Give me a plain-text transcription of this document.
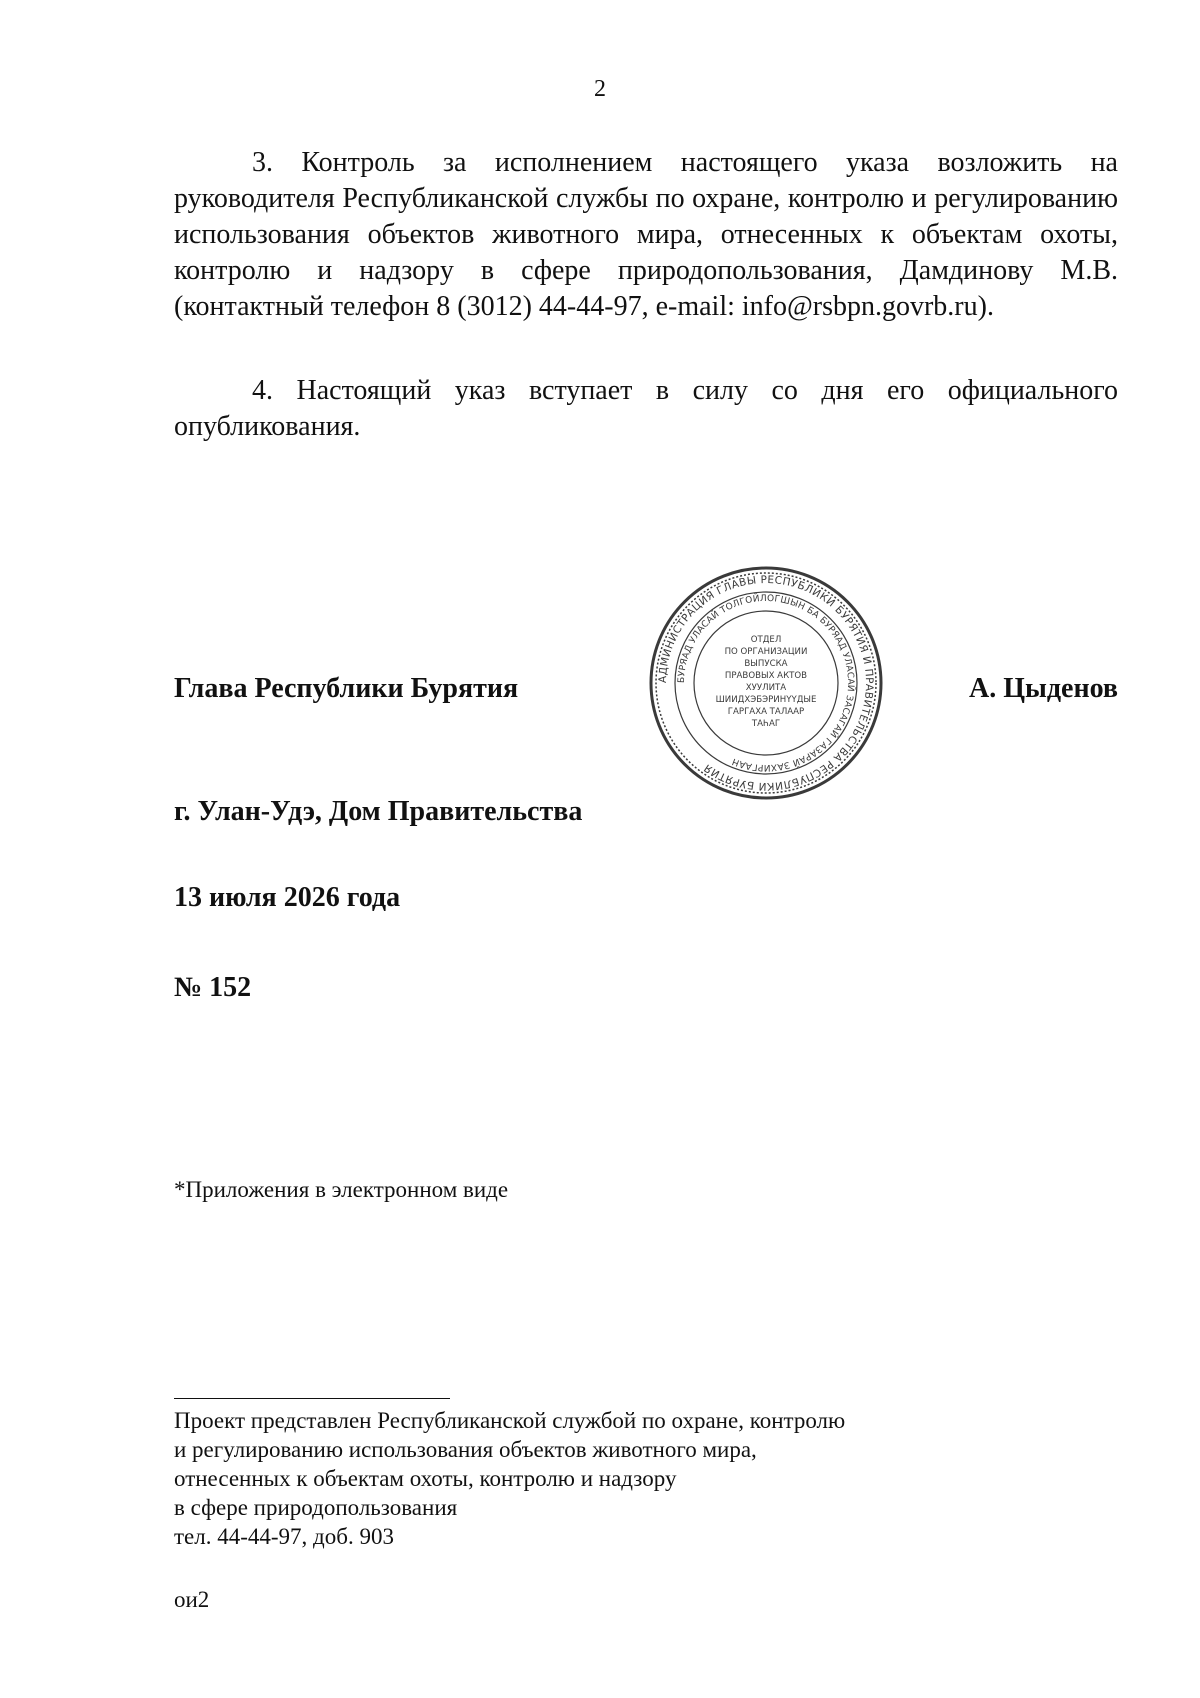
2

3. Контроль за исполнением настоящего указа возложить на руководителя Республиканской службы по охране, контролю и регулированию использования объектов животного мира, отнесенных к объектам охоты, контролю и надзору в сфере природопользования, Дамдинову М.В. (контактный телефон 8 (3012) 44-44-97, e-mail: info@rsbpn.govrb.ru).

4. Настоящий указ вступает в силу со дня его официального опубликования.

Глава Республики Бурятия	АДМИНИСТРАЦИЯ ГЛАВЫ РЕСПУБЛИКИ БУРЯТИЯ И ПРАВИТЕЛЬСТВА РЕСПУБЛИКИ БУРЯТИЯ
БУРЯАД УЛАСАЙ ТОЛГОЙЛОГШЫН БА БУРЯАД УЛАСАЙ ЗАСАГАЙ ГАЗАРАЙ ЗАХИРГААН
ОТДЕЛ
ПО ОРГАНИЗАЦИИ
ВЫПУСКА
ПРАВОВЫХ АКТОВ
ХУУЛИТА
ШИИДХЭБЭРИНҮҮДЫЕ
ГАРГАХА ТАЛААР
ТАҺАГ
А. Цыденов
г. Улан-Удэ, Дом Правительства
13 июля 2026 года
№ 152
*Приложения в электронном виде
Проект представлен Республиканской службой по охране, контролю
и регулированию использования объектов животного мира,
отнесенных к объектам охоты, контролю и надзору
в сфере природопользования
тел. 44-44-97, доб. 903
ои2
